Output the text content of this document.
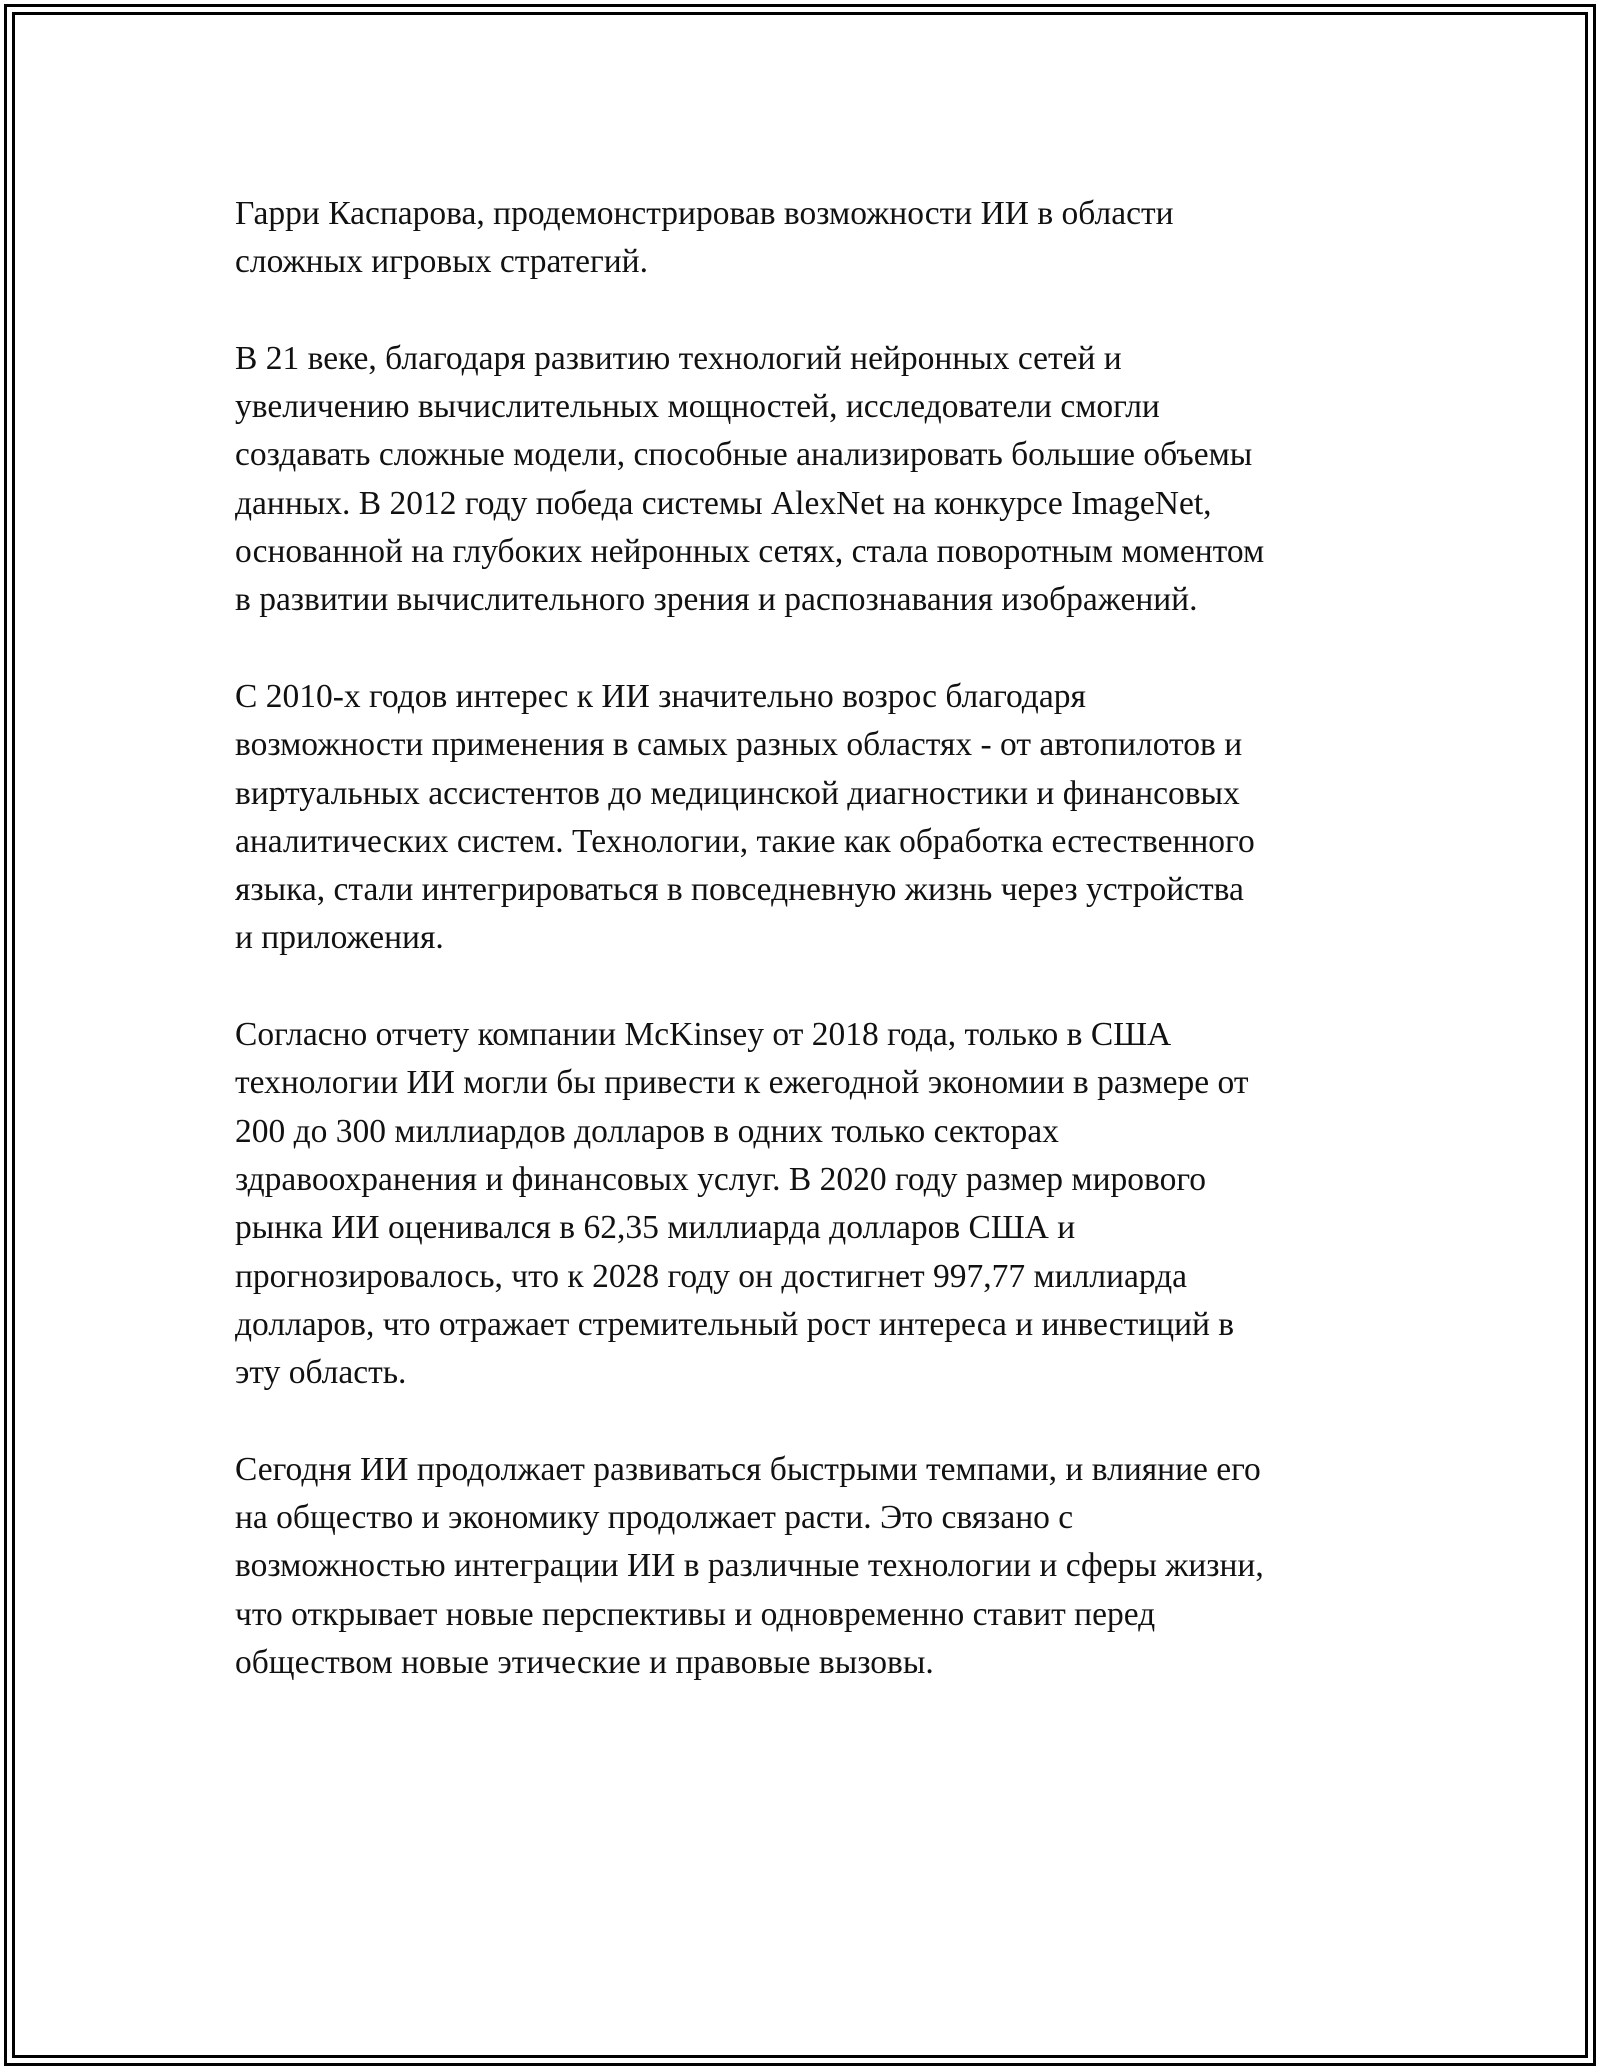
Гарри Каспарова, продемонстрировав возможности ИИ в области
сложных игровых стратегий.

В 21 веке, благодаря развитию технологий нейронных сетей и
увеличению вычислительных мощностей, исследователи смогли
создавать сложные модели, способные анализировать большие объемы
данных. В 2012 году победа системы AlexNet на конкурсе ImageNet,
основанной на глубоких нейронных сетях, стала поворотным моментом
в развитии вычислительного зрения и распознавания изображений.

С 2010-х годов интерес к ИИ значительно возрос благодаря
возможности применения в самых разных областях - от автопилотов и
виртуальных ассистентов до медицинской диагностики и финансовых
аналитических систем. Технологии, такие как обработка естественного
языка, стали интегрироваться в повседневную жизнь через устройства
и приложения.

Согласно отчету компании McKinsey от 2018 года, только в США
технологии ИИ могли бы привести к ежегодной экономии в размере от
200 до 300 миллиардов долларов в одних только секторах
здравоохранения и финансовых услуг. В 2020 году размер мирового
рынка ИИ оценивался в 62,35 миллиарда долларов США и
прогнозировалось, что к 2028 году он достигнет 997,77 миллиарда
долларов, что отражает стремительный рост интереса и инвестиций в
эту область.

Сегодня ИИ продолжает развиваться быстрыми темпами, и влияние его
на общество и экономику продолжает расти. Это связано с
возможностью интеграции ИИ в различные технологии и сферы жизни,
что открывает новые перспективы и одновременно ставит перед
обществом новые этические и правовые вызовы.
